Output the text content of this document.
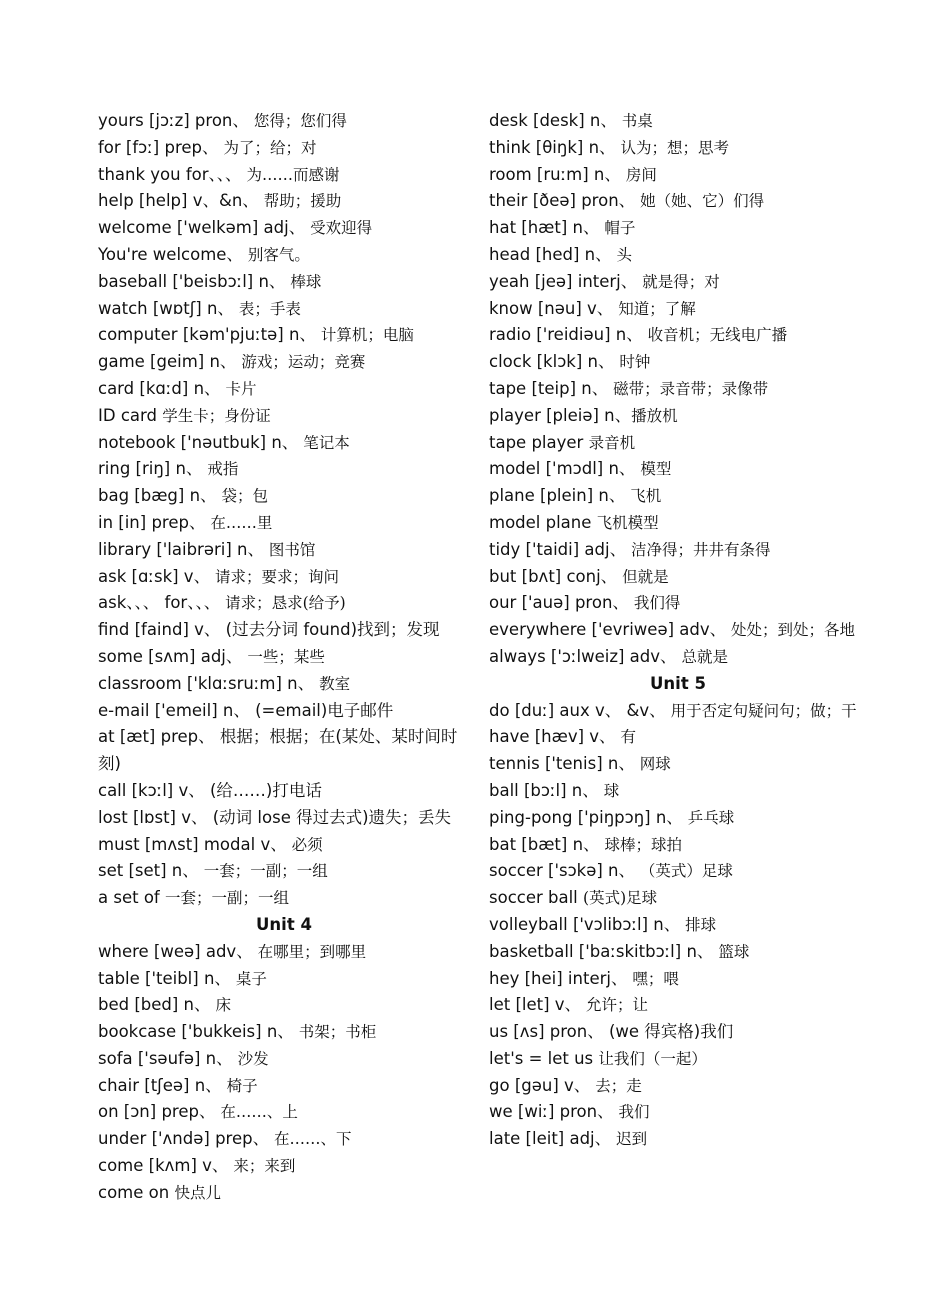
yours [jɔːz] pron、 您得；您们得
for [fɔː] prep、 为了；给；对
thank you for、、、 为……而感谢
help [help] v、&n、 帮助；援助
welcome ['welkəm] adj、 受欢迎得
You're welcome、 别客气。
baseball ['beisbɔːl] n、 棒球
watch [wɒtʃ] n、 表；手表
computer [kəm'pjuːtə] n、 计算机；电脑
game [geim] n、 游戏；运动；竞赛
card [kɑːd] n、 卡片
ID card 学生卡；身份证
notebook ['nəutbuk] n、 笔记本
ring [riŋ] n、 戒指
bag [bæg] n、 袋；包
in [in] prep、 在……里
library ['laibrəri] n、 图书馆
ask [ɑːsk] v、 请求；要求；询问
ask、、、 for、、、 请求；恳求(给予)
find [faind] v、 (过去分词 found)找到；发现
some [sʌm] adj、 一些；某些
classroom ['klɑːsruːm] n、 教室
e-mail ['emeil] n、 (=email)电子邮件
at [æt] prep、 根据；根据；在(某处、某时间时刻)
call [kɔːl] v、 (给……)打电话
lost [lɒst] v、 (动词 lose 得过去式)遗失；丢失
must [mʌst] modal v、 必须
set [set] n、 一套；一副；一组
a set of 一套；一副；一组
Unit 4
where [weə] adv、 在哪里；到哪里
table ['teibl] n、 桌子
bed [bed] n、 床
bookcase ['bukkeis] n、 书架；书柜
sofa ['səufə] n、 沙发
chair [tʃeə] n、 椅子
on [ɔn] prep、 在……、上
under ['ʌndə] prep、 在……、下
come [kʌm] v、 来；来到
come on 快点儿
desk [desk] n、 书桌
think [θiŋk] n、 认为；想；思考
room [ruːm] n、 房间
their [ðeə] pron、 她（她、它）们得
hat [hæt] n、 帽子
head [hed] n、 头
yeah [jeə] interj、 就是得；对
know [nəu] v、 知道；了解
radio ['reidiəu] n、 收音机；无线电广播
clock [klɔk] n、 时钟
tape [teip] n、 磁带；录音带；录像带
player [pleiə] n、播放机
tape player 录音机
model ['mɔdl] n、 模型
plane [plein] n、 飞机
model plane 飞机模型
tidy ['taidi] adj、 洁净得；井井有条得
but [bʌt] conj、 但就是
our ['auə] pron、 我们得
everywhere ['evriweə] adv、 处处；到处；各地
always ['ɔːlweiz] adv、 总就是
Unit 5
do [duː] aux v、 &v、 用于否定句疑问句；做；干
have [hæv] v、 有
tennis ['tenis] n、 网球
ball [bɔːl] n、 球
ping-pong ['piŋpɔŋ] n、 乒乓球
bat [bæt] n、 球棒；球拍
soccer ['sɔkə] n、 （英式）足球
soccer ball (英式)足球
volleyball ['vɔlibɔːl] n、 排球
basketball ['baːskitbɔːl] n、 篮球
hey [hei] interj、 嘿；喂
let [let] v、 允许；让
us [ʌs] pron、 (we 得宾格)我们
let's = let us 让我们（一起）
go [gəu] v、 去；走
we [wiː] pron、 我们
late [leit] adj、 迟到
